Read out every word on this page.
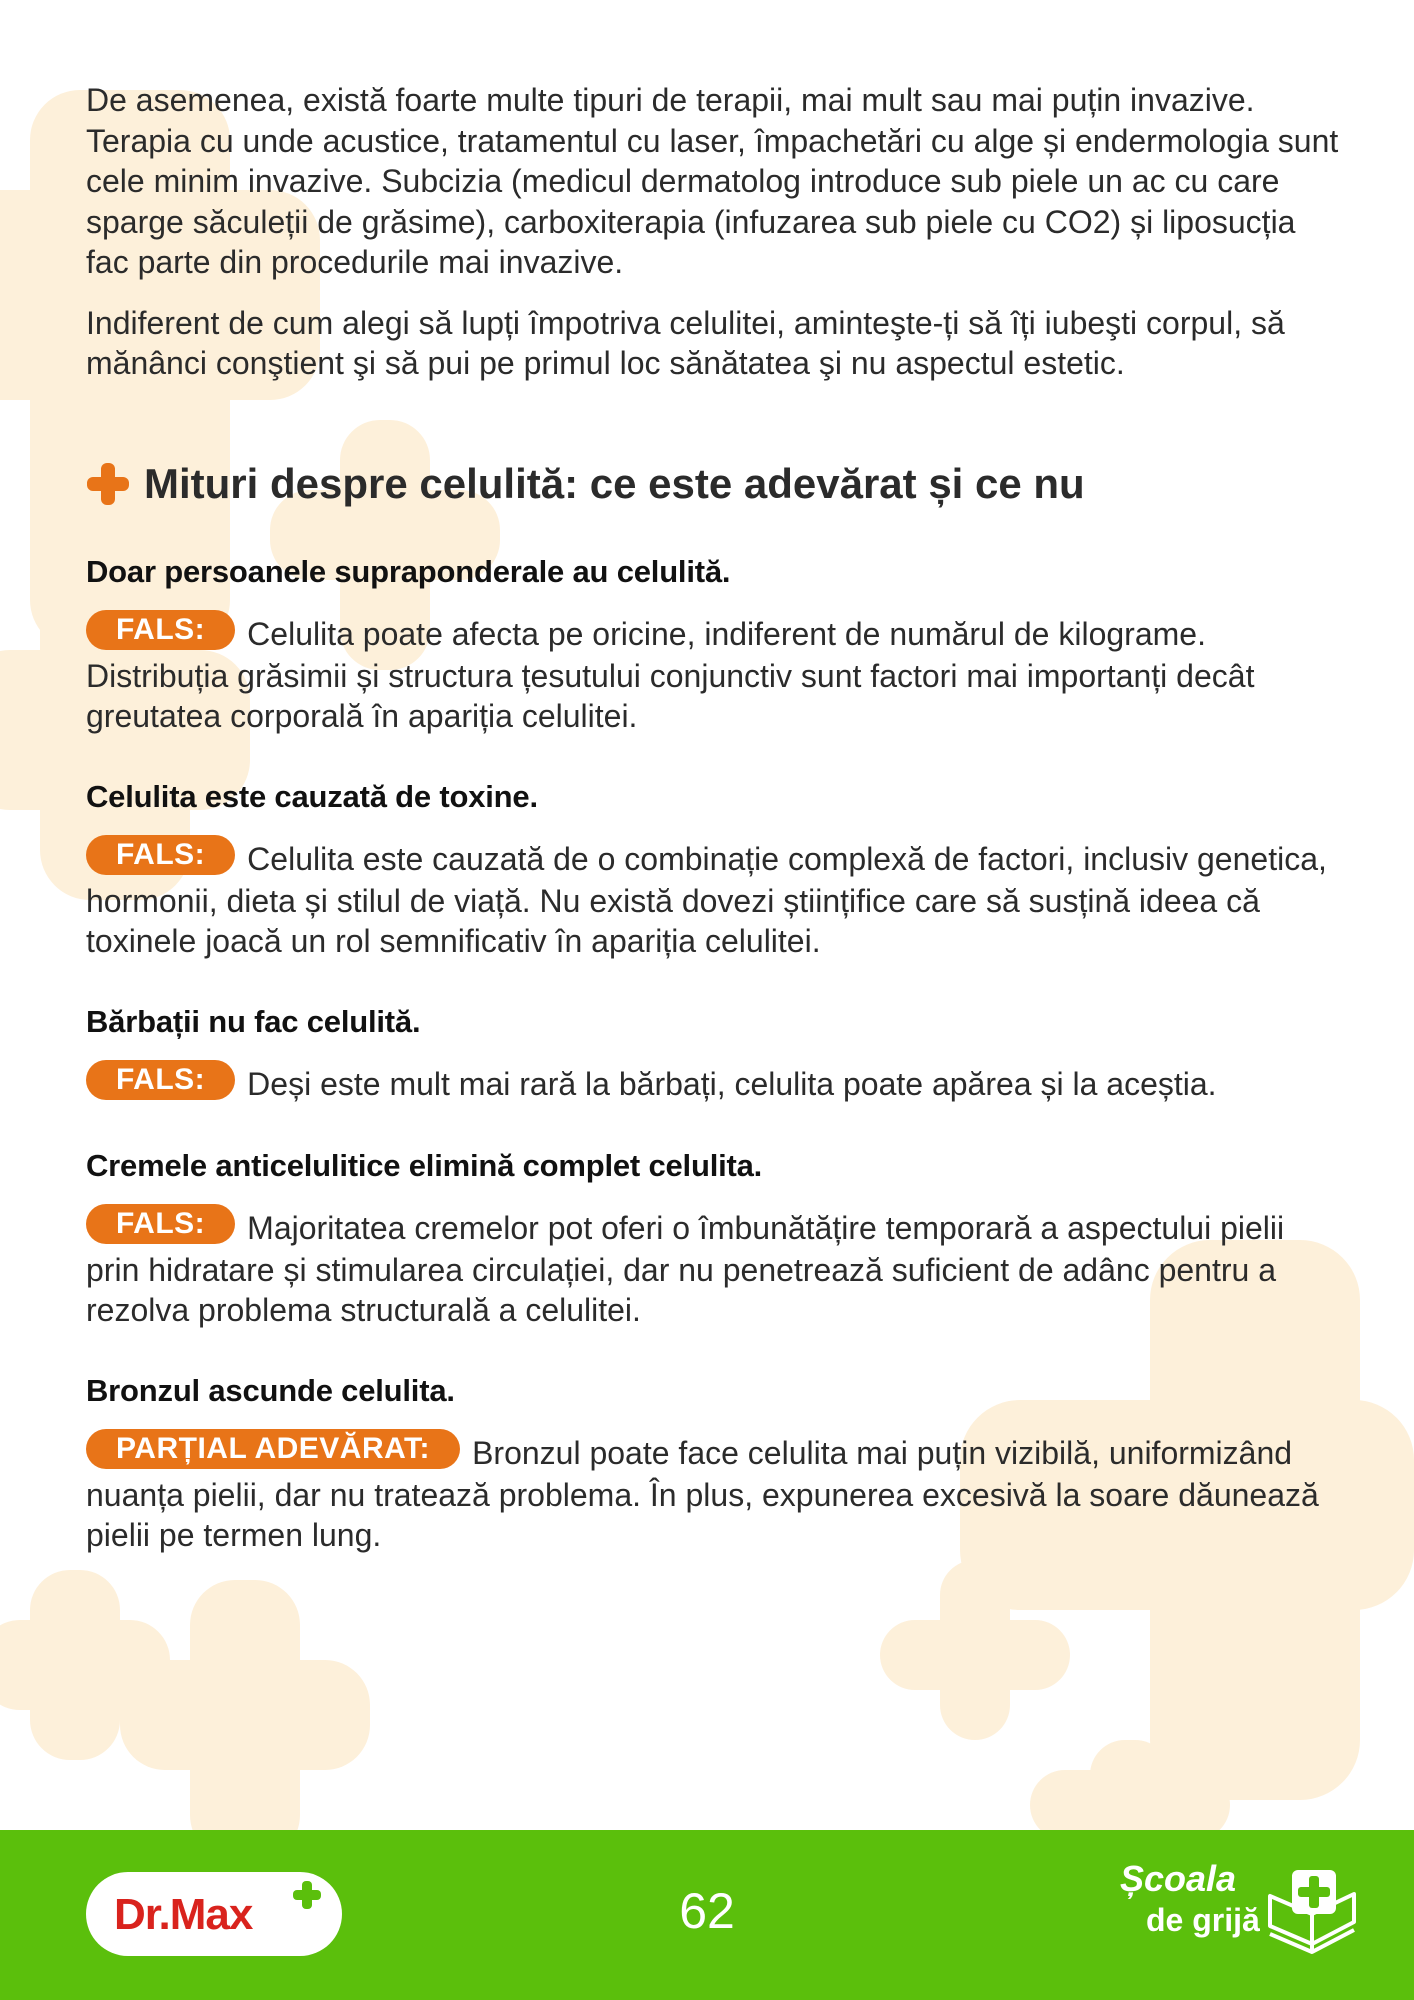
De asemenea, există foarte multe tipuri de terapii, mai mult sau mai puțin invazive. Terapia cu unde acustice, tratamentul cu laser, împachetări cu alge și endermologia sunt cele minim invazive. Subcizia (medicul dermatolog introduce sub piele un ac cu care sparge săculeții de grăsime), carboxiterapia (infuzarea sub piele cu CO2) și liposucția fac parte din procedurile mai invazive.

Indiferent de cum alegi să lupți împotriva celulitei, aminteşte-ți să îți iubeşti corpul, să mănânci conştient şi să pui pe primul loc sănătatea şi nu aspectul estetic.

Mituri despre celulită: ce este adevărat și ce nu
Doar persoanele supraponderale au celulită.

FALS: Celulita poate afecta pe oricine, indiferent de numărul de kilograme. Distribuția grăsimii și structura țesutului conjunctiv sunt factori mai importanți decât greutatea corporală în apariția celulitei.

Celulita este cauzată de toxine.

FALS: Celulita este cauzată de o combinație complexă de factori, inclusiv genetica, hormonii, dieta și stilul de viață. Nu există dovezi științifice care să susțină ideea că toxinele joacă un rol semnificativ în apariția celulitei.

Bărbații nu fac celulită.

FALS: Deși este mult mai rară la bărbați, celulita poate apărea și la aceștia.

Cremele anticelulitice elimină complet celulita.

FALS: Majoritatea cremelor pot oferi o îmbunătățire temporară a aspectului pielii prin hidratare și stimularea circulației, dar nu penetrează suficient de adânc pentru a rezolva problema structurală a celulitei.

Bronzul ascunde celulita.

PARȚIAL ADEVĂRAT: Bronzul poate face celulita mai puțin vizibilă, uniformizând nuanța pielii, dar nu tratează problema. În plus, expunerea excesivă la soare dăunează pielii pe termen lung.

Dr.Max	62
Școala
de grijă
